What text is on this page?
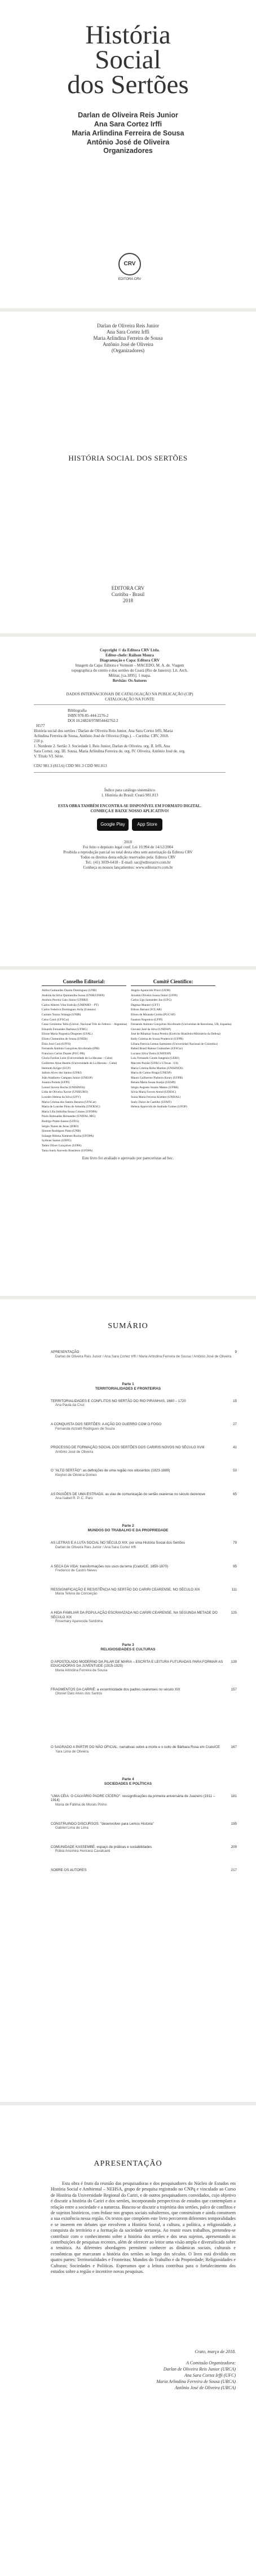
História
Social
dos Sertões
Darlan de Oliveira Reis Junior
Ana Sara Cortez Irffi
Maria Arlindina Ferreira de Sousa
Antônio José de Oliveira
Organizadores
CRV
EDITORA CRV
Darlan de Oliveira Reis Junior
Ana Sara Cortez Irffi
Maria Arlindina Ferreira de Sousa
Antônio José de Oliveira
(Organizadores)
HISTÓRIA SOCIAL DOS SERTÕES
EDITORA CRV
Curitiba - Brasil
2018
Copyright © da Editora CRV Ltda.
Editor-chefe: Railson Moura
Diagramação e Capa: Editora CRV
Imagem da Capa: Editora e Vermont – MACEDO, M. A. de. Viagem
topographica do centro e dos sertões do Ceará (Rio de Janeiro): Lit. Arch.
Militar, [ca.1895]. 1 mapa.
Revisão: Os Autores
DADOS INTERNACIONAIS DE CATALOGAÇÃO NA PUBLICAÇÃO (CIP)
CATALOGAÇÃO NA FONTE
Bibliografia
ISBN 978-85-444-2276-2
DOI 10.24824/978854442762.2
H577
História social dos sertões / Darlan de Oliveira Reis Junior, Ana Sara Cortez Irffi, Maria
Arlindina Ferreira de Sousa, Antônio José de Oliveira (Orgs.). – Curitiba: CRV, 2018.
218 p.
1. Nordeste 2. Sertão 3. Sociedade I. Reis Junior, Darlan de Oliveira. org. II. Irffi, Ana
Sara Cortez. org. III. Sousa, Maria Arlindina Ferreira de. org. IV. Oliveira, Antônio José de. org.
V. Título VI. Série.
CDU 981.3 (813.6) CDD 981.3 CDD 981.813
Índice para catálogo sistemático
1. História do Brasil: Ceará 981.813
ESTA OBRA TAMBÉM ENCONTRA-SE DISPONÍVEL EM FORMATO DIGITAL.
CONHEÇA E BAIXE NOSSO APLICATIVO!
Google Play	App Store
2018
Foi feito o depósito legal conf. Lei 10.994 de 14/12/2004
Proibida a reprodução parcial ou total desta obra sem autorização da Editora CRV
Todos os direitos desta edição reservados pela: Editora CRV
Tel.: (41) 3039-6418 - E-mail: sac@editoracrv.com.br
Conheça os nossos lançamentos: www.editoracrv.com.br
Conselho Editorial:
Aldira Guimarães Duarte Domínguez (UNB)
Andréia da Silva Quintanilha Sousa (UNIR/UFRN)
Antônio Pereira Gaio Júnior (UFRRJ)
Carlos Alberto Vilar Estêvão (UMINHO – PT)
Carlos Federico Domínguez Avila (Unieuro)
Carmen Tereza Velanga (UNIR)
Celso Conti (UFSCar)
Cesar Gerónimo Tello (Univer. Nacional Três de Febrero – Argentina)
Eduardo Fernandes Barbosa (UFMG)
Elione Maria Nogueira Diogenes (UFAL)
Elizeu Clementino de Souza (UNEB)
Élsio José Corá (UFFS)
Fernando Antônio Gonçalves Alcoforado (IPB)
Francisco Carlos Duarte (PUC-PR)
Gloria Fariñas León (Universidade de La Havana – Cuba)
Guillermo Arias Beatón (Universidade de La Havana – Cuba)
Helmuth Krüger (UCP)
Jailson Alves dos Santos (UFRJ)
João Adalberto Campato Junior (UNESP)
Josania Portela (UFPI)
Leonel Severo Rocha (UNISINOS)
Lídia de Oliveira Xavier (UNIEURO)
Lourdes Helena da Silva (UFV)
Maria Cristina dos Santos Bezerra (UFSCar)
Maria de Lourdes Pinto de Almeida (UNOESC)
Maria Lília Imbiriba Sousa Colares (UFOPA)
Paulo Romualdo Hernandes (UNIFAL-MG)
Rodrigo Pratte-Santos (UFES)
Sérgio Nunes de Jesus (IFRO)
Simone Rodrigues Pinto (UNB)
Solange Helena Ximenes-Rocha (UFOPA)
Sydione Santos (UEPG)
Tadeu Oliver Gonçalves (UFPA)
Tania Suely Azevedo Brasileiro (UFOPA)
Comitê Científico:
Angelo Aparecido Priori (UEM)
Arnaldo Oliveira Souza Júnior (UFPI)
Carlos Ugo Santander Joo (UFG)
Dagmar Manieri (UFT)
Edison Bariani (FCLAR)
Elizeu de Miranda Corrêa (PUC/SP)
Fauston Negreiros (UFPI)
Fernando Antonio Gonçalves Alcoforado (Universitat de Barcelona, UB, Espanha)
Giovani José da Silva (UNIFAP)
José de Ribamar Sousa Pereira (Exército Brasileiro/Ministério da Defesa)
Kelly Cristina de Souza Prudencio (UFPR)
Liliana Patricia Lemus Sarmiento (Universidad Nacional de Colombia)
Rafael Brasil Ramos Guimarães (UFSCar)
Luciano Silva Vieira (UNIFESP)
Luiz Fernando Conde Sangenis (UERJ)
Marcelo Paixão (UFRJ e UTexas - US)
Maria Cristina Bohn Martins (UNISINOS)
Maria do Carmo Braga (UNESP)
Mauro Guilherme Pinheiro Koury (UFPB)
Renata Maria Sousa Araújo (UESPI)
Sérgio Augusto Soares Mattos (UFRB)
Silvia Maria Favero Arend (UDESC)
Sonia Maria Ferreira Koehler (UNISAL)
Suely Dulce de Castilho (UFMT)
Helena Aparecida de Andrade Gomes (UFOP)
Este livro foi avaliado e aprovado por pareceristas ad hoc.
SUMÁRIO
APRESENTAÇÃO
Darlan de Oliveira Reis Junior / Ana Sara Cortez Irffi / Maria Arlindina Ferreira de Sousa / Antônio José de Oliveira
9
Parte 1
TERRITORIALIDADES E FRONTEIRAS
TERRITORIALIDADES E CONFLITOS NO SERTÃO DO RIO PIRANHAS, 1680 – 1720
Ana Paula da Cruz
15
A CONQUISTA DOS SERTÕES: A AÇÃO DO GUERRO COM O FOGO
Fernanda Aizzatti Rodrigues de Souza
27
PROCESSO DE FORMAÇÃO SOCIAL DOS SERTÕES DOS CARIRIS NOVOS NO SÉCULO XVIII
Antônio José de Oliveira
41
O "ALTO SERTÃO": as definições de uma região nos oitocentos (1823-1889)
Kleyton de Oliveira Gomes
53
AS PAIXÕES DE UMA ESTRADA: as vias de comunicação do sertão cearense no século dezenove
Ana Isabel R. P. C. Parú
65
Parte 2
MUNDOS DO TRABALHO E DA PROPRIEDADE
AS LETRAS E A LUTA SOCIAL NO SÉCULO XIX: por uma História Social dos Sertões
Darlan de Oliveira Reis Junior / Ana Sara Cortez Irffi
79
A SECA DA VIDA: transformações nos usos da terra (Crato/CE, 1850-1870)
Frederico de Castro Neves
95
RESSIGNIFICAÇÃO E RESISTÊNCIA NO SERTÃO DO CARIRI CEARENSE, NO SÉCULO XIX
Maria Telvira da Conceição
111
A HIDA FAMILIAR DA POPULAÇÃO ESCRAVIZADA NO CARIRI CEARENSE, NA SEGUNDA METADE DO SÉCULO XIX
Rosemary Aparecida Sardinha
125
Parte 3
RELIGIOSIDADES E CULTURAS
O APOSTOLADO MODERNO DA PILAR DE MARIA – ESCRITA E LEITURA FUTURADAS PARA FORMAR AS EDUCADORAS DA JUVENTUDE (1915-1925)
Maria Arlindina Ferreira de Sousa
139
FRAGMENTOS DA CARRIÉ: a excentricidade dos padres cearenses no século XIX
Otoniel Dalo Alves dos Santos
157
O SAGRADO A PARTIR DO NÃO OFICIAL: narrativas sobre a morte e o culto de Bárbara Rosa em Crato/CE
Yara Lima de Oliveira
167
Parte 4
SOCIEDADES E POLÍTICAS
"UMA CÉIA: O CALVÁRIO PADRE CÍCERO": ressignificações da primeira aniversária de Juazeiro (1911 – 1914)
Maria de Fátima de Morais Pinho
181
CONSTRUINDO DISCURSOS: "desenvolver para Lemos Historia"
Gabriel Lima de Lima
195
COMUNIDADE KASSEMBÉ: espaço de práticas e sociabilidades
Rúbia Ansimira Honcera Cavalcanti
209
SOBRE OS AUTORES	217
APRESENTAÇÃO
Esta obra é fruto da reunião das pesquisadoras e dos pesquisadores do Núcleo de Estudos em História Social e Ambiental – NEHSA, grupo de pesquisa registrado no CNPq e vinculado ao Curso de História da Universidade Regional do Cariri, e de outros pesquisadores convidados, cujo objetivo é discutir a história do Cariri e dos sertões, incorporando perspectivas de estudos que contemplam a relação entre a sociedade e a natureza. Buscou-se discutir a trajetória dos sertões, palco de conflitos e de sujeitos históricos, com ênfase nos grupos sociais subalternos, que construíram e ainda constroem a sua existência nessa região. Os textos que compõem este livro percorrem diferentes temporalidades e se inserem em debates que envolvem a História Social, a cultura, a política, a religiosidade, a conquista do território e a formação da sociedade sertaneja. Ao reunir esses trabalhos, pretendeu-se contribuir com o conhecimento sobre a história dos sertões e dos seus sujeitos, apresentando as contribuições de pesquisas recentes, além de oferecer ao leitor uma visão ampla e diversificada sobre a temática. As diferentes abordagens permitem conhecer as dinâmicas sociais, culturais e econômicas que marcaram a história dos sertões ao longo dos séculos. O livro está dividido em quatro partes: Territorialidades e Fronteiras; Mundos do Trabalho e da Propriedade; Religiosidades e Culturas; Sociedades e Políticas. Esperamos que a leitura contribua para o fortalecimento dos estudos sobre a região e incentive novas pesquisas.
Crato, março de 2018.
A Comissão Organizadora:
Darlan de Oliveira Reis Junior (URCA)
Ana Sara Cortez Irffi (UFC)
Maria Arlindina Ferreira de Sousa (URCA)
Antônio José de Oliveira (URCA)
